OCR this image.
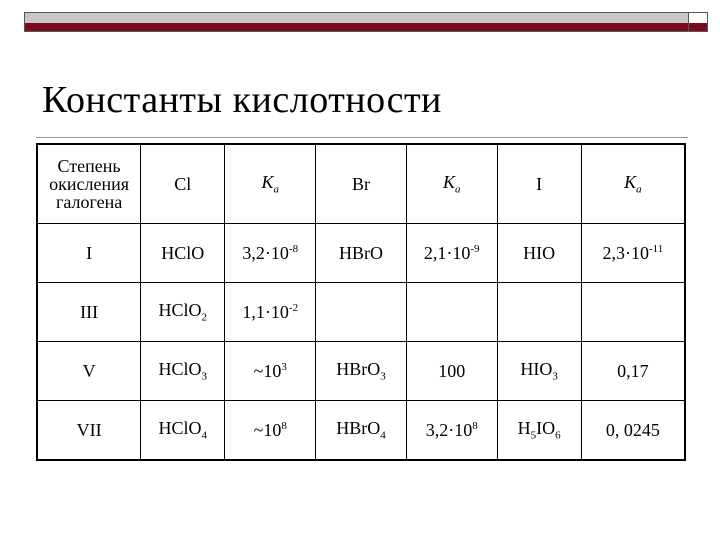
Константы кислотности
Степень
окисления
галогена	Cl	$K_a$	Br	$K_a$	I	$K_a$
I	HClO	$3,2\cdot 10^{-8}$	HBrO	$2,1\cdot 10^{-9}$	HIO	$2,3\cdot 10^{-11}$
III	HClO$_2$	$1,1\cdot 10^{-2}$				
V	HClO$_3$	$\sim 10^3$	HBrO$_3$	100	$HIO_3$	0,17
VII	HClO$_4$	$\sim 10^8$	HBrO$_4$	$3,2\cdot 10^8$	$H_5IO_6$	0, 0245
